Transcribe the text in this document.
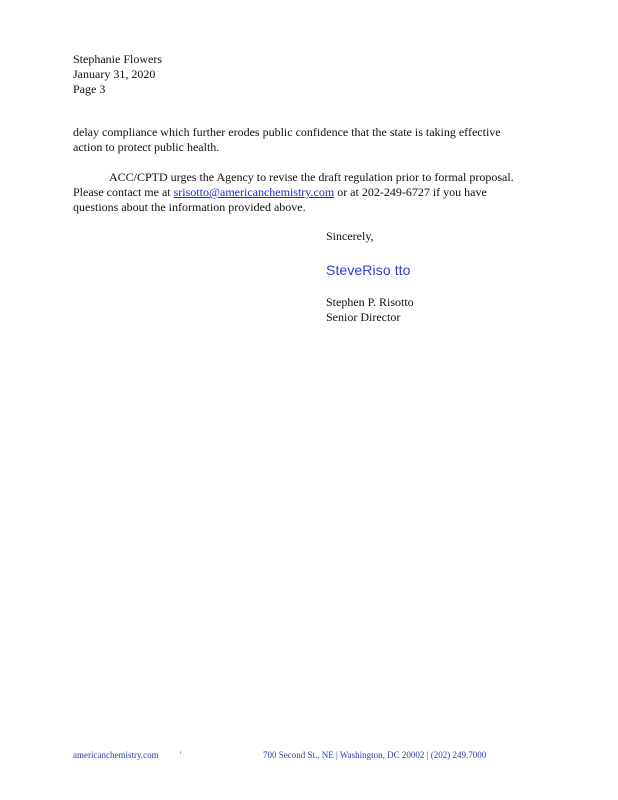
Stephanie Flowers
January 31, 2020
Page 3
delay compliance which further erodes public confidence that the state is taking effective
action to protect public health.
ACC/CPTD urges the Agency to revise the draft regulation prior to formal proposal.
Please contact me at srisotto@americanchemistry.com or at 202-249-6727 if you have
questions about the information provided above.
Sincerely,
SteveRiso tto
Stephen P. Risotto
Senior Director
americanchemistry.com '	700 Second St., NE | Washington, DC 20002 | (202) 249.7000
